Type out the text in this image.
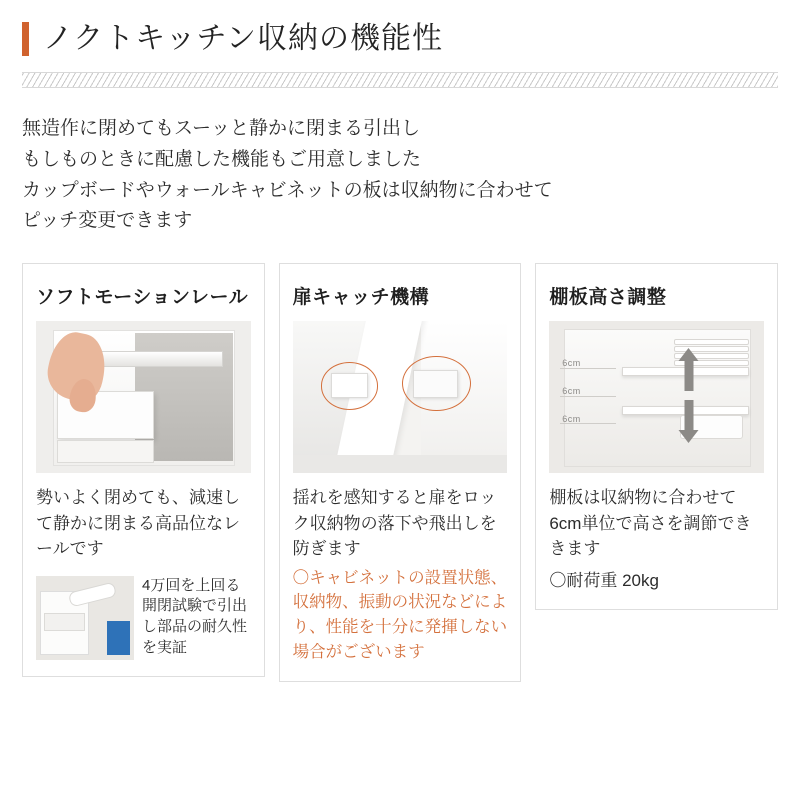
ノクトキッチン収納の機能性
無造作に閉めてもスーッと静かに閉まる引出し
もしものときに配慮した機能もご用意しました
カップボードやウォールキャビネットの板は収納物に合わせて
ピッチ変更できます
ソフトモーションレール
勢いよく閉めても、減速して静かに閉まる高品位なレールです
4万回を上回る開閉試験で引出し部品の耐久性を実証
扉キャッチ機構
揺れを感知すると扉をロック収納物の落下や飛出しを防ぎます
〇キャビネットの設置状態、収納物、振動の状況などにより、性能を十分に発揮しない場合がございます
棚板高さ調整
6cm
6cm
6cm
棚板は収納物に合わせて6cm単位で高さを調節でききます
〇耐荷重 20kg
